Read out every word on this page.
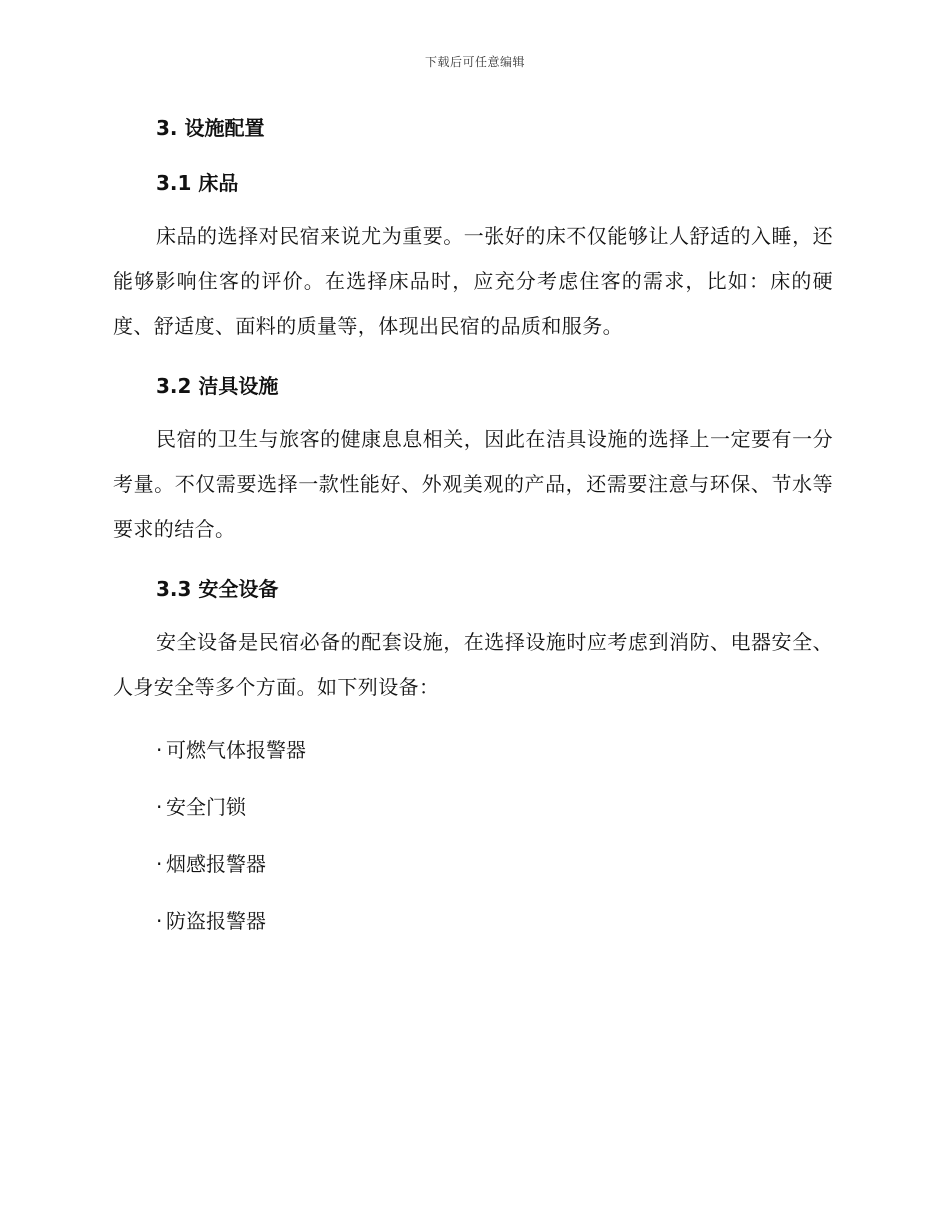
下载后可任意编辑
3. 设施配置
3.1 床品

床品的选择对民宿来说尤为重要。一张好的床不仅能够让人舒适的入睡，还能够影响住客的评价。在选择床品时，应充分考虑住客的需求，比如：床的硬度、舒适度、面料的质量等，体现出民宿的品质和服务。

3.2 洁具设施

民宿的卫生与旅客的健康息息相关，因此在洁具设施的选择上一定要有一分考量。不仅需要选择一款性能好、外观美观的产品，还需要注意与环保、节水等要求的结合。

3.3 安全设备

安全设备是民宿必备的配套设施，在选择设施时应考虑到消防、电器安全、人身安全等多个方面。如下列设备：

· 可燃气体报警器
· 安全门锁
· 烟感报警器
· 防盗报警器
